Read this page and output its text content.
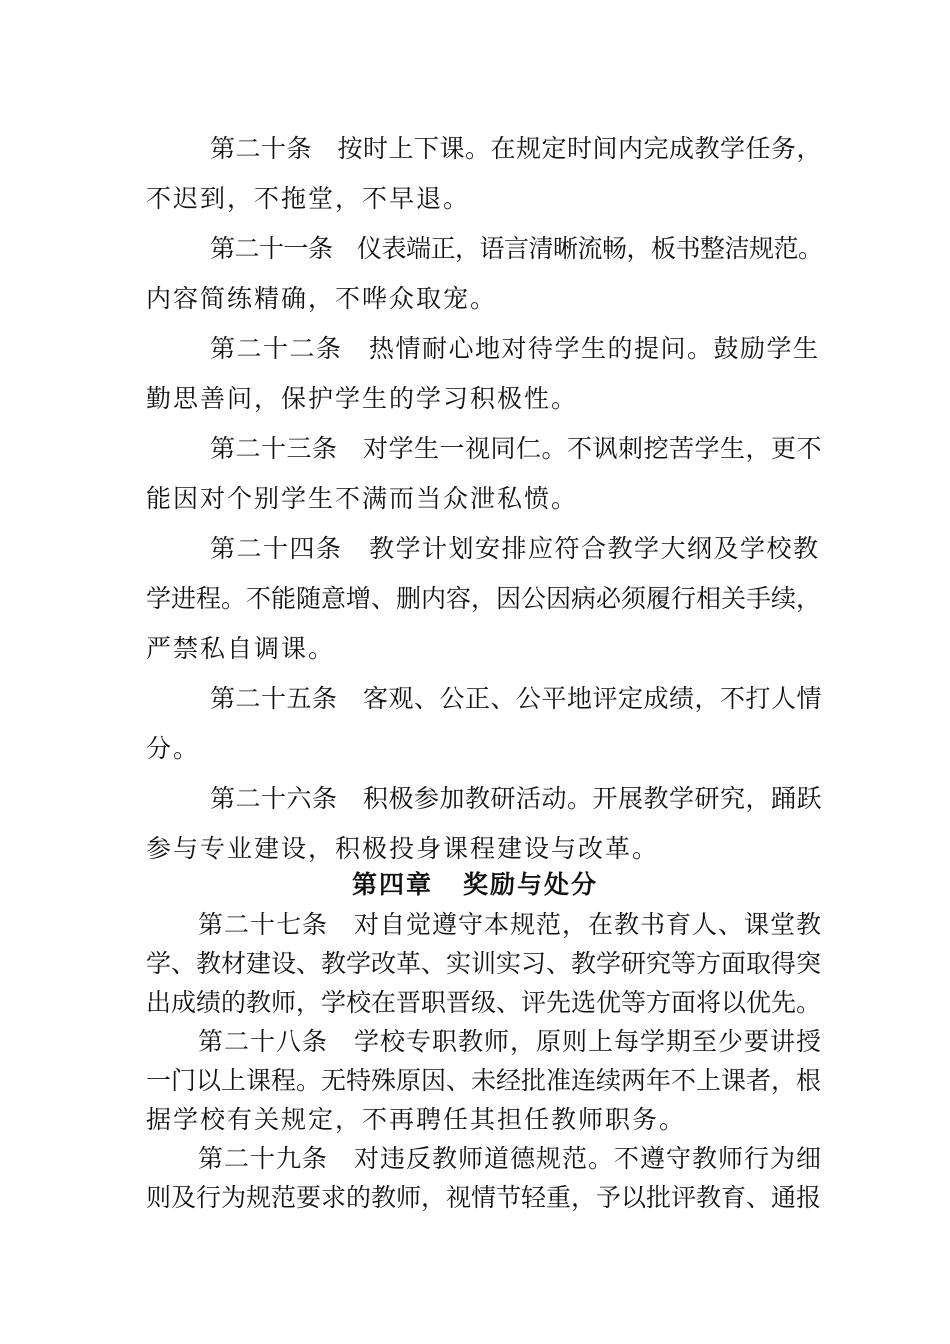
第二十条　按时上下课。在规定时间内完成教学任务，
不迟到，不拖堂，不早退。
第二十一条　仪表端正，语言清晰流畅，板书整洁规范。
内容简练精确，不哗众取宠。
第二十二条　热情耐心地对待学生的提问。鼓励学生
勤思善问，保护学生的学习积极性。
第二十三条　对学生一视同仁。不讽刺挖苦学生，更不
能因对个别学生不满而当众泄私愤。
第二十四条　教学计划安排应符合教学大纲及学校教
学进程。不能随意增、删内容，因公因病必须履行相关手续，
严禁私自调课。
第二十五条　客观、公正、公平地评定成绩，不打人情
分。
第二十六条　积极参加教研活动。开展教学研究，踊跃
参与专业建设，积极投身课程建设与改革。
第四章 奖励与处分
第二十七条　对自觉遵守本规范，在教书育人、课堂教
学、教材建设、教学改革、实训实习、教学研究等方面取得突
出成绩的教师，学校在晋职晋级、评先选优等方面将以优先。
第二十八条　学校专职教师，原则上每学期至少要讲授
一门以上课程。无特殊原因、未经批准连续两年不上课者，根
据学校有关规定，不再聘任其担任教师职务。
第二十九条　对违反教师道德规范。不遵守教师行为细
则及行为规范要求的教师，视情节轻重，予以批评教育、通报
